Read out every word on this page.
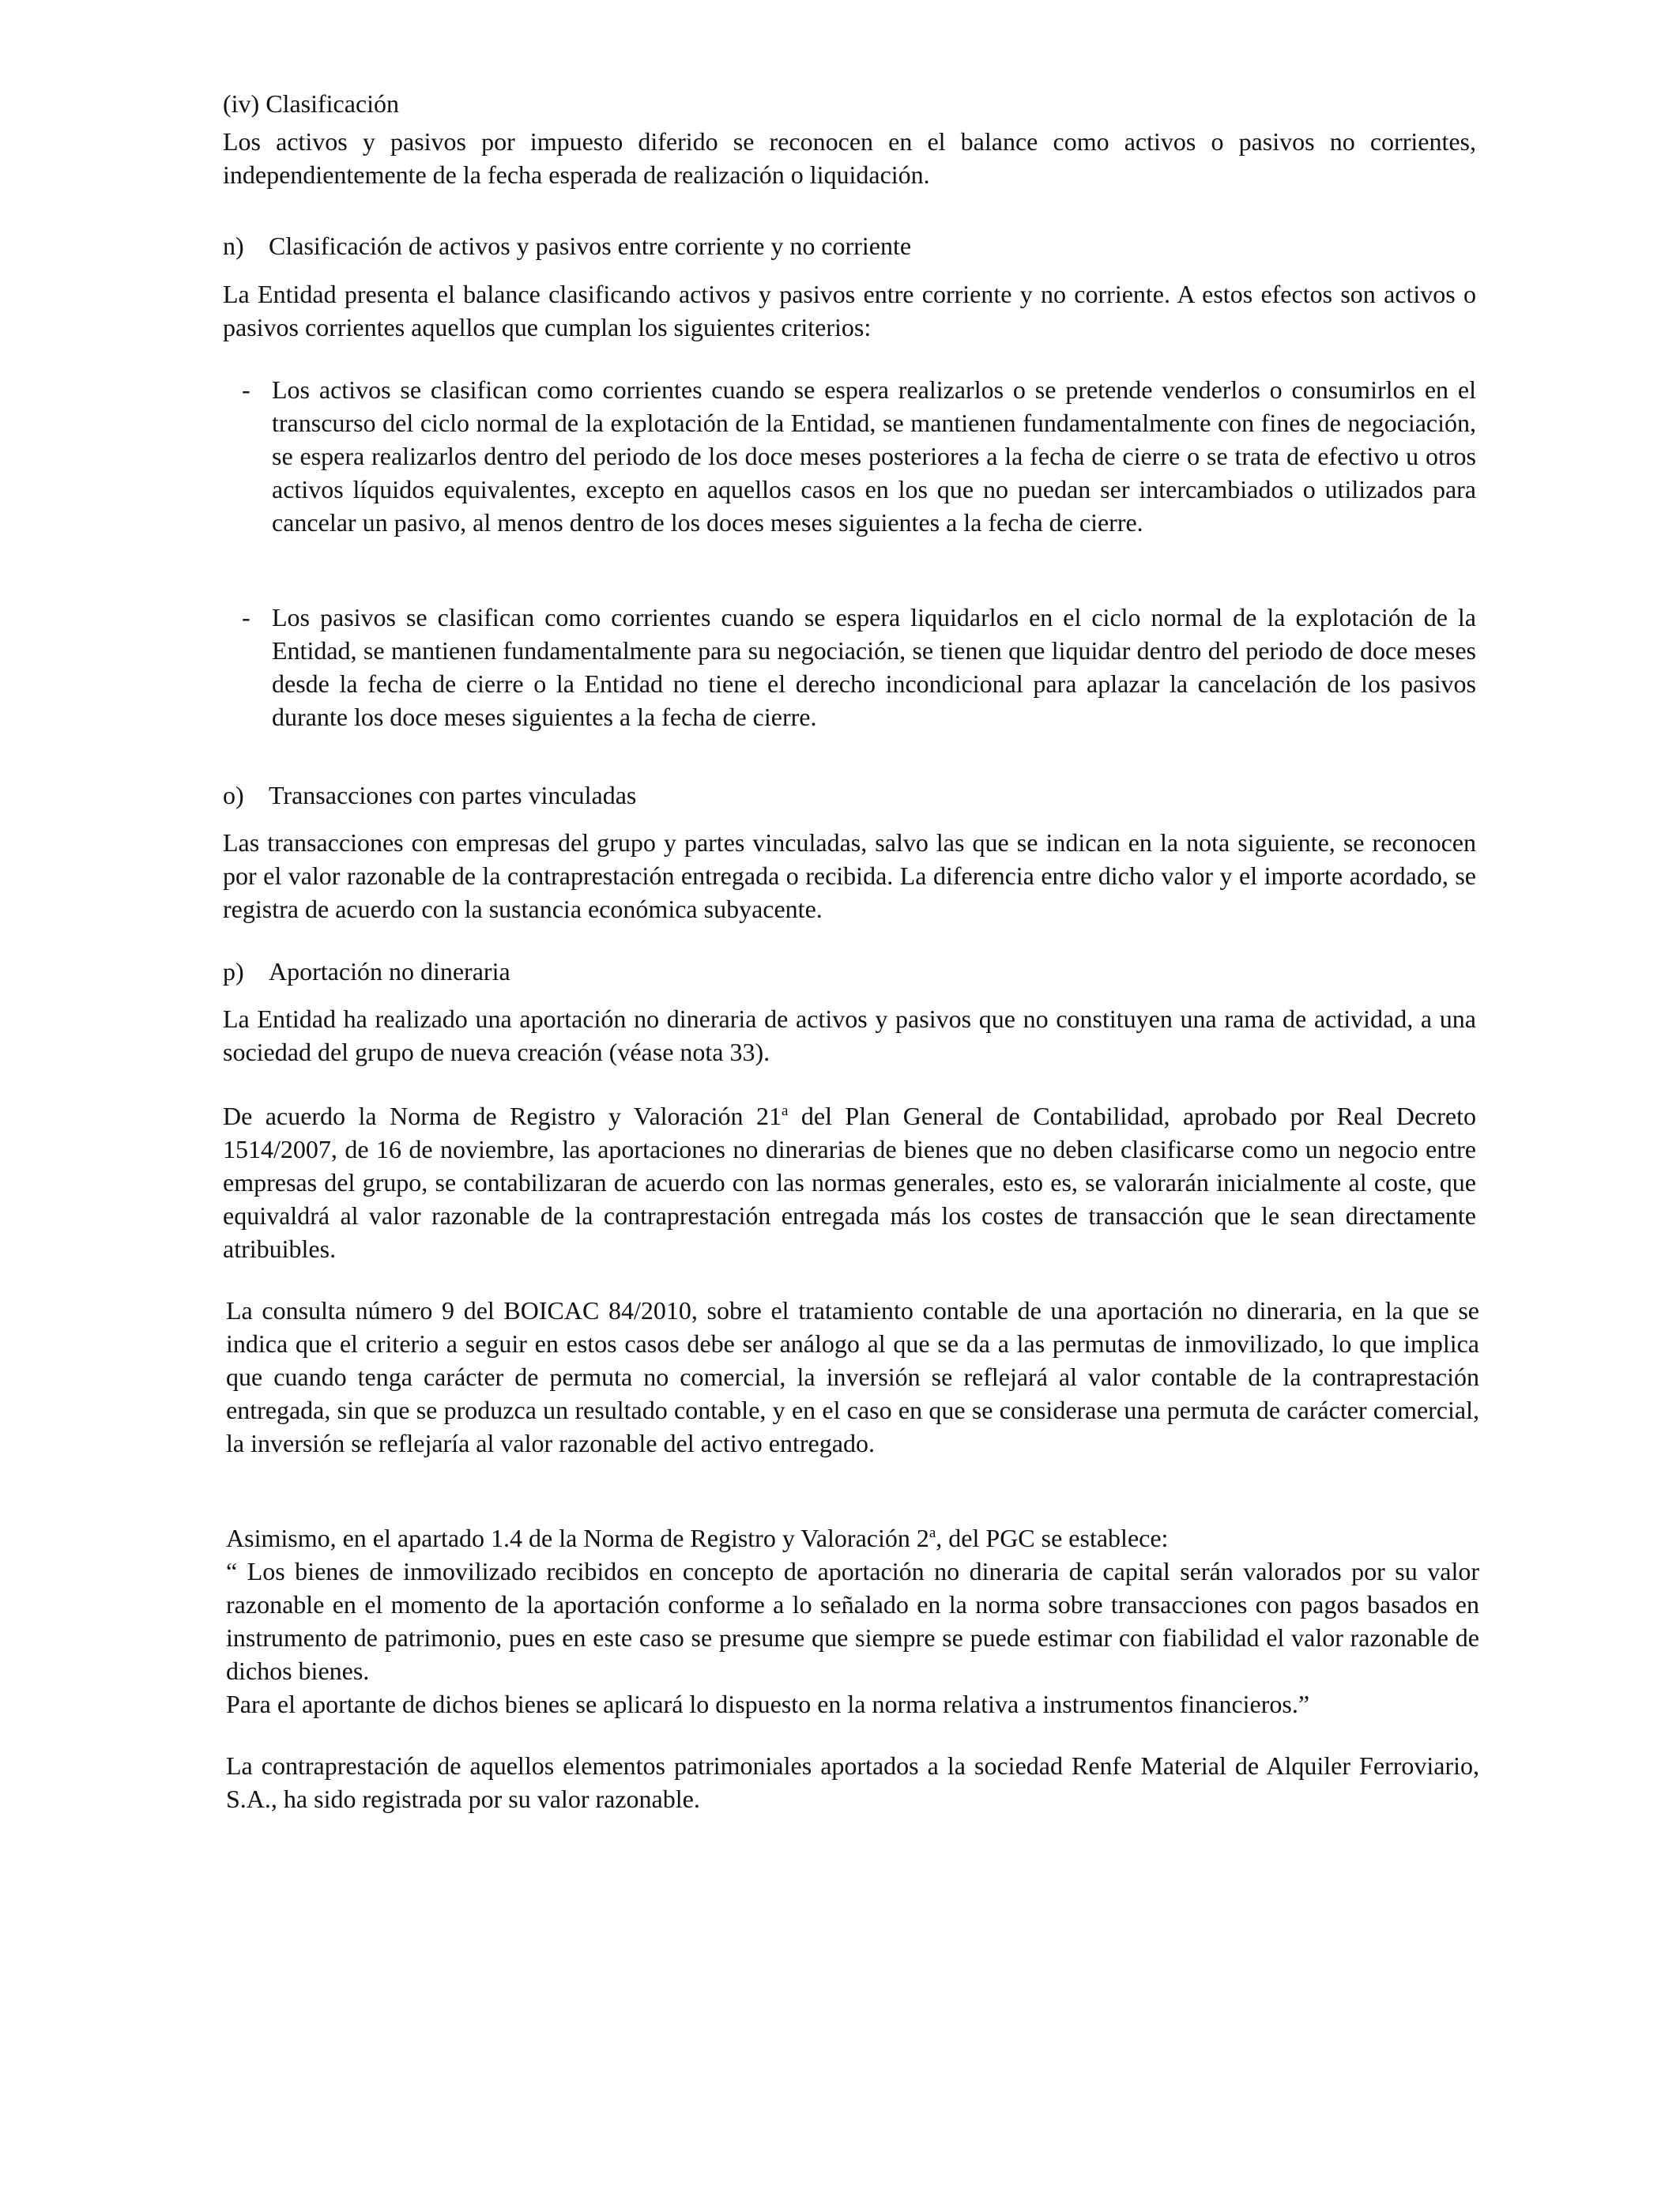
(iv) Clasificación

Los activos y pasivos por impuesto diferido se reconocen en el balance como activos o pasivos no corrientes, independientemente de la fecha esperada de realización o liquidación.

n) Clasificación de activos y pasivos entre corriente y no corriente

La Entidad presenta el balance clasificando activos y pasivos entre corriente y no corriente. A estos efectos son activos o pasivos corrientes aquellos que cumplan los siguientes criterios:

- Los activos se clasifican como corrientes cuando se espera realizarlos o se pretende venderlos o consumirlos en el transcurso del ciclo normal de la explotación de la Entidad, se mantienen fundamentalmente con fines de negociación, se espera realizarlos dentro del periodo de los doce meses posteriores a la fecha de cierre o se trata de efectivo u otros activos líquidos equivalentes, excepto en aquellos casos en los que no puedan ser intercambiados o utilizados para cancelar un pasivo, al menos dentro de los doces meses siguientes a la fecha de cierre.
- Los pasivos se clasifican como corrientes cuando se espera liquidarlos en el ciclo normal de la explotación de la Entidad, se mantienen fundamentalmente para su negociación, se tienen que liquidar dentro del periodo de doce meses desde la fecha de cierre o la Entidad no tiene el derecho incondicional para aplazar la cancelación de los pasivos durante los doce meses siguientes a la fecha de cierre.

o) Transacciones con partes vinculadas

Las transacciones con empresas del grupo y partes vinculadas, salvo las que se indican en la nota siguiente, se reconocen por el valor razonable de la contraprestación entregada o recibida. La diferencia entre dicho valor y el importe acordado, se registra de acuerdo con la sustancia económica subyacente.

p) Aportación no dineraria

La Entidad ha realizado una aportación no dineraria de activos y pasivos que no constituyen una rama de actividad, a una sociedad del grupo de nueva creación (véase nota 33).

De acuerdo la Norma de Registro y Valoración 21$^a$ del Plan General de Contabilidad, aprobado por Real Decreto 1514/2007, de 16 de noviembre, las aportaciones no dinerarias de bienes que no deben clasificarse como un negocio entre empresas del grupo, se contabilizaran de acuerdo con las normas generales, esto es, se valorarán inicialmente al coste, que equivaldrá al valor razonable de la contraprestación entregada más los costes de transacción que le sean directamente atribuibles.

La consulta número 9 del BOICAC 84/2010, sobre el tratamiento contable de una aportación no dineraria, en la que se indica que el criterio a seguir en estos casos debe ser análogo al que se da a las permutas de inmovilizado, lo que implica que cuando tenga carácter de permuta no comercial, la inversión se reflejará al valor contable de la contraprestación entregada, sin que se produzca un resultado contable, y en el caso en que se considerase una permuta de carácter comercial, la inversión se reflejaría al valor razonable del activo entregado.

Asimismo, en el apartado 1.4 de la Norma de Registro y Valoración 2$^a$, del PGC se establece:
“ Los bienes de inmovilizado recibidos en concepto de aportación no dineraria de capital serán valorados por su valor razonable en el momento de la aportación conforme a lo señalado en la norma sobre transacciones con pagos basados en instrumento de patrimonio, pues en este caso se presume que siempre se puede estimar con fiabilidad el valor razonable de dichos bienes.
Para el aportante de dichos bienes se aplicará lo dispuesto en la norma relativa a instrumentos financieros.”

La contraprestación de aquellos elementos patrimoniales aportados a la sociedad Renfe Material de Alquiler Ferroviario, S.A., ha sido registrada por su valor razonable.
